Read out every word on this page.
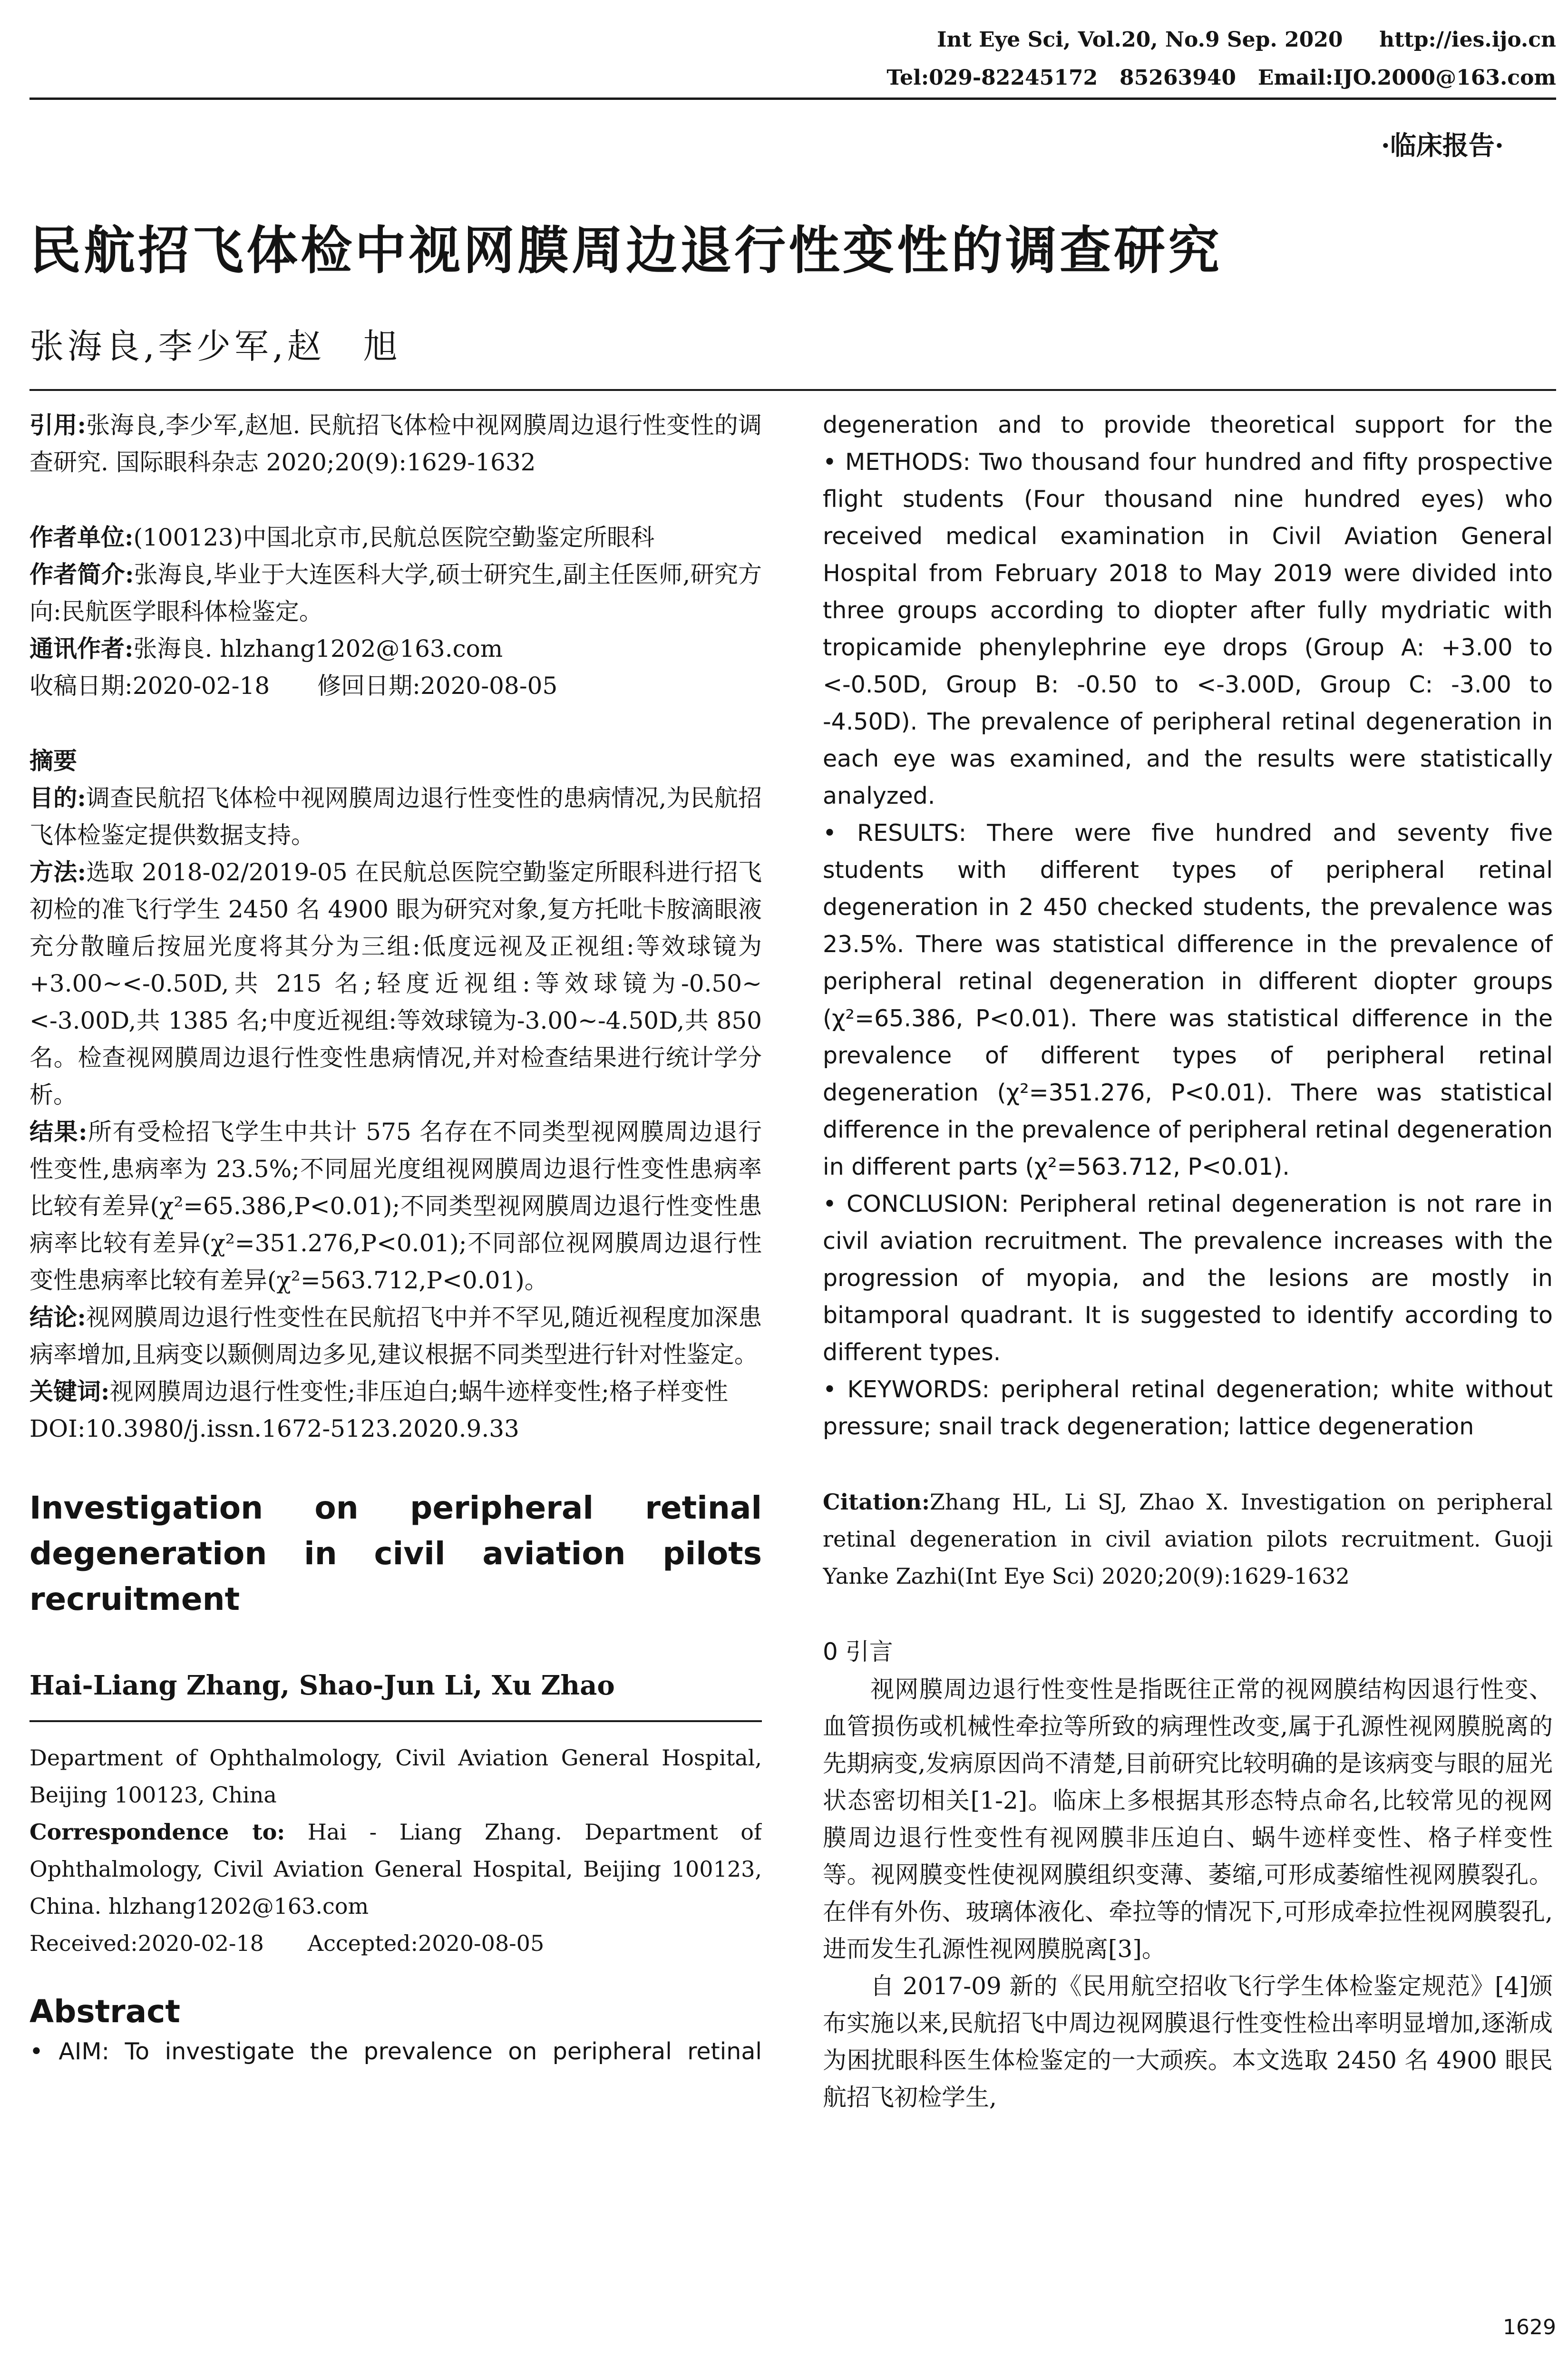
Int Eye Sci, Vol.20, No.9 Sep. 2020     http://ies.ijo.cn
Tel:029-82245172   85263940   Email:IJO.2000@163.com
·临床报告·
民航招飞体检中视网膜周边退行性变性的调查研究
张海良,李少军,赵　旭

引用:张海良,李少军,赵旭. 民航招飞体检中视网膜周边退行性变性的调查研究. 国际眼科杂志 2020;20(9):1629-1632

作者单位:(100123)中国北京市,民航总医院空勤鉴定所眼科

作者简介:张海良,毕业于大连医科大学,硕士研究生,副主任医师,研究方向:民航医学眼科体检鉴定。

通讯作者:张海良. hlzhang1202@163.com

收稿日期:2020-02-18　　修回日期:2020-08-05

摘要

目的:调查民航招飞体检中视网膜周边退行性变性的患病情况,为民航招飞体检鉴定提供数据支持。

方法:选取 2018-02/2019-05 在民航总医院空勤鉴定所眼科进行招飞初检的准飞行学生 2450 名 4900 眼为研究对象,复方托吡卡胺滴眼液充分散瞳后按屈光度将其分为三组:低度远视及正视组:等效球镜为+3.00~<-0.50D,共 215 名;轻度近视组:等效球镜为-0.50~<-3.00D,共 1385 名;中度近视组:等效球镜为-3.00~-4.50D,共 850 名。检查视网膜周边退行性变性患病情况,并对检查结果进行统计学分析。

结果:所有受检招飞学生中共计 575 名存在不同类型视网膜周边退行性变性,患病率为 23.5%;不同屈光度组视网膜周边退行性变性患病率比较有差异(χ²=65.386,P<0.01);不同类型视网膜周边退行性变性患病率比较有差异(χ²=351.276,P<0.01);不同部位视网膜周边退行性变性患病率比较有差异(χ²=563.712,P<0.01)。

结论:视网膜周边退行性变性在民航招飞中并不罕见,随近视程度加深患病率增加,且病变以颞侧周边多见,建议根据不同类型进行针对性鉴定。

关键词:视网膜周边退行性变性;非压迫白;蜗牛迹样变性;格子样变性

DOI:10.3980/j.issn.1672-5123.2020.9.33

Investigation on peripheral retinal degeneration in civil aviation pilots recruitment

Hai-Liang Zhang, Shao-Jun Li, Xu Zhao

Department of Ophthalmology, Civil Aviation General Hospital, Beijing 100123, China

Correspondence to: Hai - Liang Zhang. Department of Ophthalmology, Civil Aviation General Hospital, Beijing 100123, China. hlzhang1202@163.com

Received:2020-02-18　　Accepted:2020-08-05

Abstract

• AIM: To investigate the prevalence on peripheral retinal

degeneration and to provide theoretical support for the

• METHODS: Two thousand four hundred and fifty prospective flight students (Four thousand nine hundred eyes) who received medical examination in Civil Aviation General Hospital from February 2018 to May 2019 were divided into three groups according to diopter after fully mydriatic with tropicamide phenylephrine eye drops (Group A: +3.00 to <-0.50D, Group B: -0.50 to <-3.00D, Group C: -3.00 to -4.50D). The prevalence of peripheral retinal degeneration in each eye was examined, and the results were statistically analyzed.

• RESULTS: There were five hundred and seventy five students with different types of peripheral retinal degeneration in 2 450 checked students, the prevalence was 23.5%. There was statistical difference in the prevalence of peripheral retinal degeneration in different diopter groups (χ²=65.386, P<0.01). There was statistical difference in the prevalence of different types of peripheral retinal degeneration (χ²=351.276, P<0.01). There was statistical difference in the prevalence of peripheral retinal degeneration in different parts (χ²=563.712, P<0.01).

• CONCLUSION: Peripheral retinal degeneration is not rare in civil aviation recruitment. The prevalence increases with the progression of myopia, and the lesions are mostly in bitamporal quadrant. It is suggested to identify according to different types.

• KEYWORDS: peripheral retinal degeneration; white without pressure; snail track degeneration; lattice degeneration

Citation:Zhang HL, Li SJ, Zhao X. Investigation on peripheral retinal degeneration in civil aviation pilots recruitment. Guoji Yanke Zazhi(Int Eye Sci) 2020;20(9):1629-1632

0 引言

视网膜周边退行性变性是指既往正常的视网膜结构因退行性变、血管损伤或机械性牵拉等所致的病理性改变,属于孔源性视网膜脱离的先期病变,发病原因尚不清楚,目前研究比较明确的是该病变与眼的屈光状态密切相关[1-2]。临床上多根据其形态特点命名,比较常见的视网膜周边退行性变性有视网膜非压迫白、蜗牛迹样变性、格子样变性等。视网膜变性使视网膜组织变薄、萎缩,可形成萎缩性视网膜裂孔。在伴有外伤、玻璃体液化、牵拉等的情况下,可形成牵拉性视网膜裂孔,进而发生孔源性视网膜脱离[3]。

自 2017-09 新的《民用航空招收飞行学生体检鉴定规范》[4]颁布实施以来,民航招飞中周边视网膜退行性变性检出率明显增加,逐渐成为困扰眼科医生体检鉴定的一大顽疾。本文选取 2450 名 4900 眼民航招飞初检学生,

1629
